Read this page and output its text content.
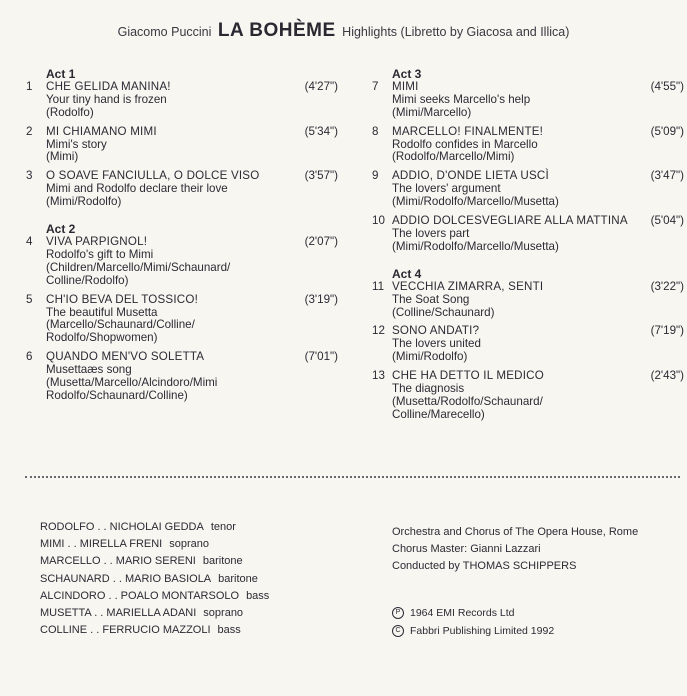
Giacomo Puccini LA BOHÈME Highlights (Libretto by Giacosa and Illica)
Act 1
1	CHE GELIDA MANINA!
Your tiny hand is frozen
(Rodolfo)
(4'27")
2	MI CHIAMANO MIMI
Mimi's story
(Mimi)
(5'34")
3	O SOAVE FANCIULLA, O DOLCE VISO
Mimi and Rodolfo declare their love
(Mimi/Rodolfo)
(3'57")
Act 2
4	VIVA PARPIGNOL!
Rodolfo's gift to Mimi
(Children/Marcello/Mimi/Schaunard/
Colline/Rodolfo)
(2'07")
5	CH'IO BEVA DEL TOSSICO!
The beautiful Musetta
(Marcello/Schaunard/Colline/
Rodolfo/Shopwomen)
(3'19")
6	QUANDO MEN'VO SOLETTA
Musettaæs song
(Musetta/Marcello/Alcindoro/Mimi
Rodolfo/Schaunard/Colline)
(7'01")
Act 3
7	MIMI
Mimi seeks Marcello's help
(Mimi/Marcello)
(4'55")
8	MARCELLO! FINALMENTE!
Rodolfo confides in Marcello
(Rodolfo/Marcello/Mimi)
(5'09")
9	ADDIO, D'ONDE LIETA USCÌ
The lovers' argument
(Mimi/Rodolfo/Marcello/Musetta)
(3'47")
10 ADDIO DOLCESVEGLIARE ALLA MATTINA
The lovers part
(Mimi/Rodolfo/Marcello/Musetta)
(5'04")
Act 4
11 VECCHIA ZIMARRA, SENTI
The Soat Song
(Colline/Schaunard)
(3'22")
12 SONO ANDATI?
The lovers united
(Mimi/Rodolfo)
(7'19")
13 CHE HA DETTO IL MEDICO
The diagnosis
(Musetta/Rodolfo/Schaunard/
Colline/Marecello)
(2'43")
RODOLFO . . NICHOLAI GEDDA tenor
MIMI . . MIRELLA FRENI soprano
MARCELLO . . MARIO SERENI baritone
SCHAUNARD . . MARIO BASIOLA baritone
ALCINDORO . . POALO MONTARSOLO bass
MUSETTA . . MARIELLA ADANI soprano
COLLINE . . FERRUCIO MAZZOLI bass
Orchestra and Chorus of The Opera House, Rome
Chorus Master: Gianni Lazzari
Conducted by THOMAS SCHIPPERS
P 1964 EMI Records Ltd
C Fabbri Publishing Limited 1992
